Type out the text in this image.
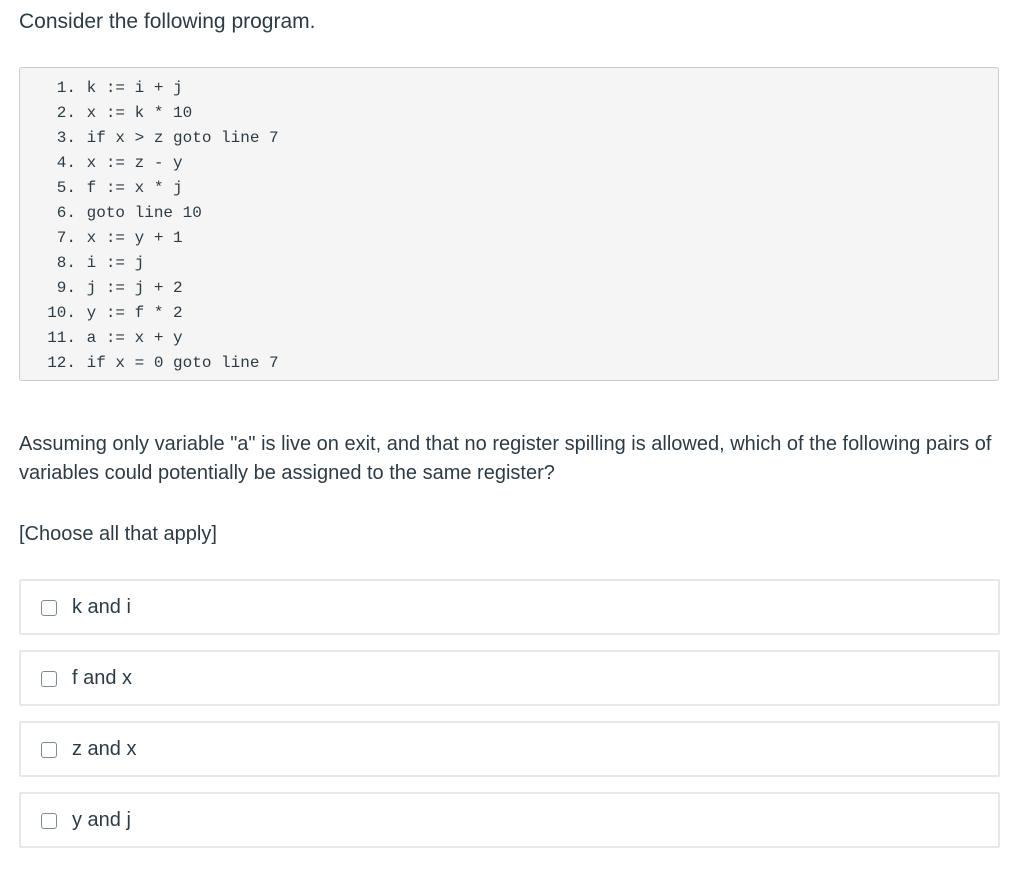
Consider the following program.

1. k := i + j
2. x := k * 10
3. if x > z goto line 7
4. x := z - y
5. f := x * j
6. goto line 10
7. x := y + 1
8. i := j
9. j := j + 2
10. y := f * 2
11. a := x + y
12. if x = 0 goto line 7

Assuming only variable "a" is live on exit, and that no register spilling is allowed, which of the following pairs of variables could potentially be assigned to the same register?

[Choose all that apply]

k and i
f and x
z and x
y and j
